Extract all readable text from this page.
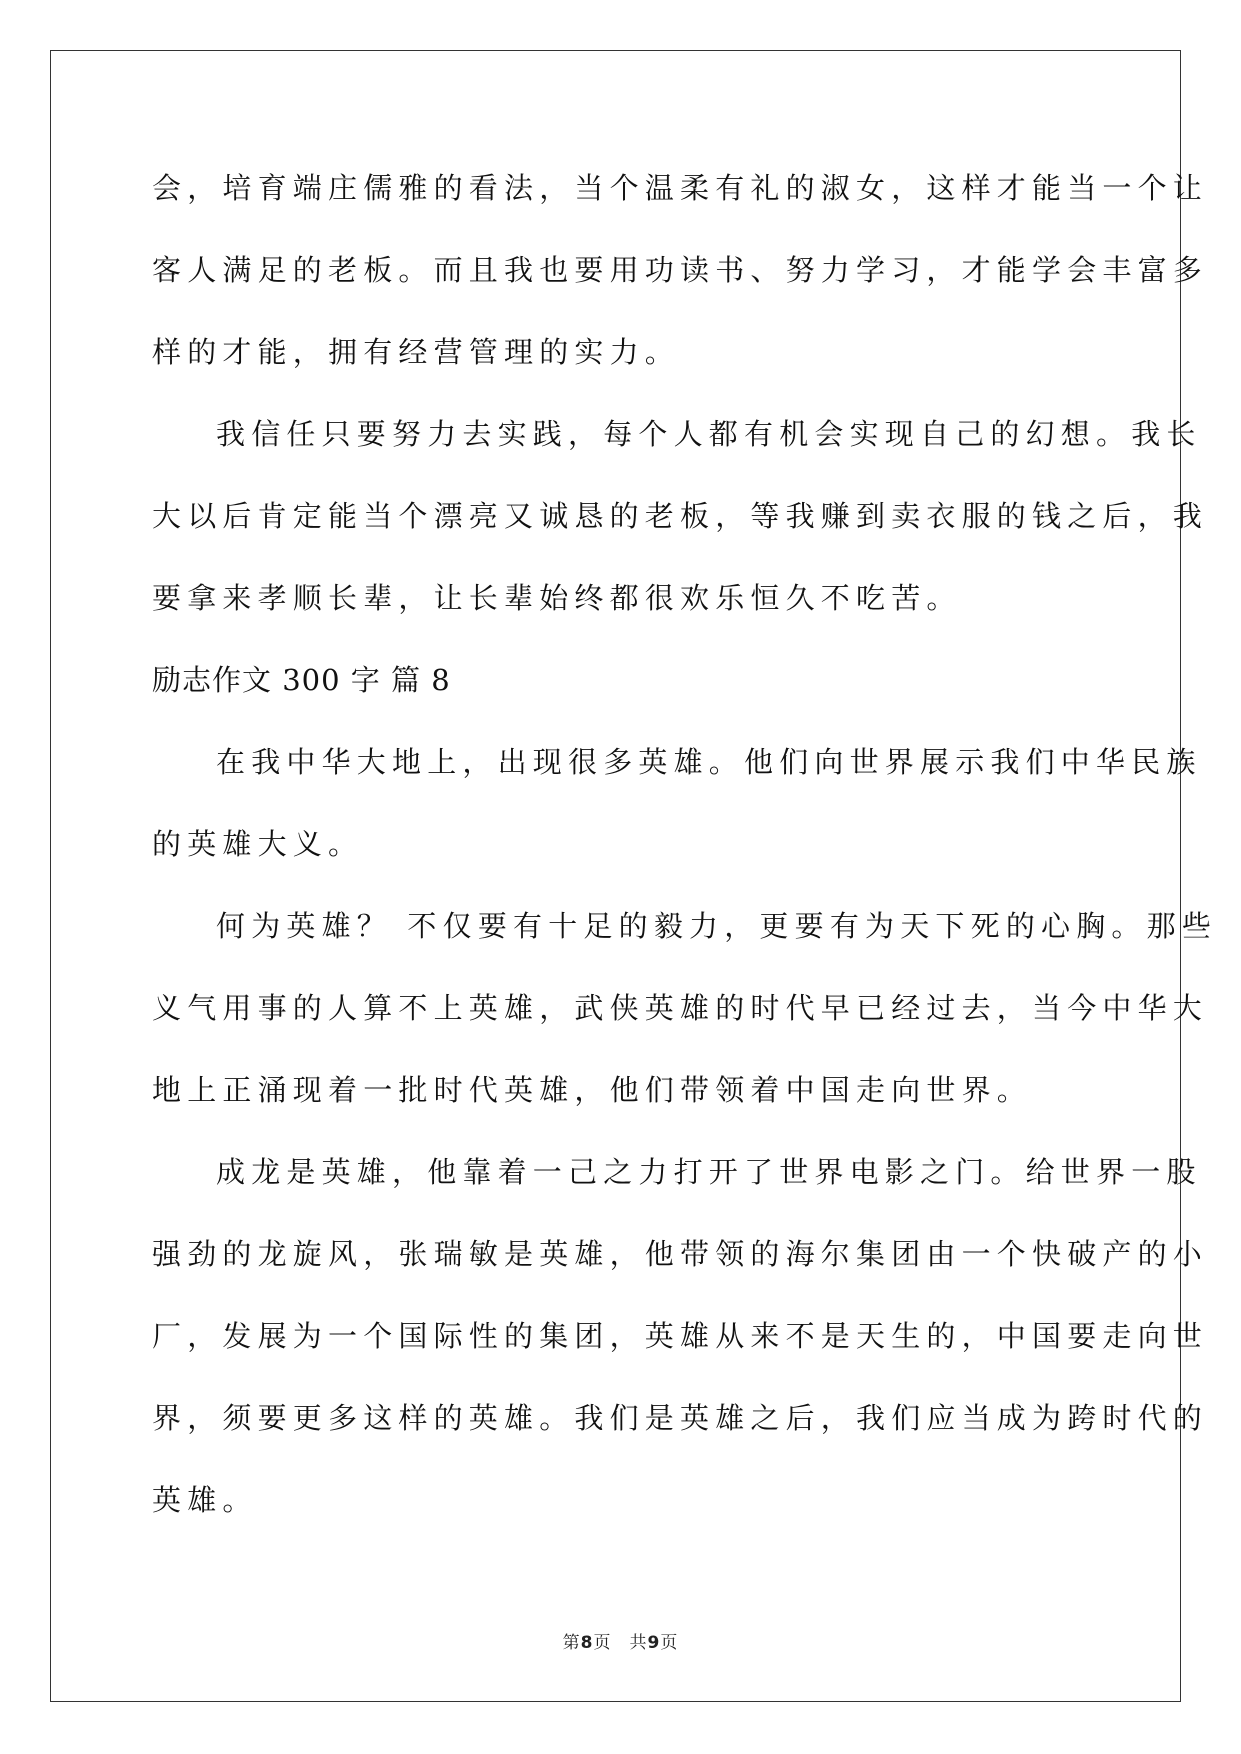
会，培育端庄儒雅的看法，当个温柔有礼的淑女，这样才能当一个让
客人满足的老板。而且我也要用功读书、努力学习，才能学会丰富多
样的才能，拥有经营管理的实力。
我信任只要努力去实践，每个人都有机会实现自己的幻想。我长
大以后肯定能当个漂亮又诚恳的老板，等我赚到卖衣服的钱之后，我
要拿来孝顺长辈，让长辈始终都很欢乐恒久不吃苦。
励志作文 300 字 篇 8
在我中华大地上，出现很多英雄。他们向世界展示我们中华民族
的英雄大义。
何为英雄？ 不仅要有十足的毅力，更要有为天下死的心胸。那些
义气用事的人算不上英雄，武侠英雄的时代早已经过去，当今中华大
地上正涌现着一批时代英雄，他们带领着中国走向世界。
成龙是英雄，他靠着一己之力打开了世界电影之门。给世界一股
强劲的龙旋风，张瑞敏是英雄，他带领的海尔集团由一个快破产的小
厂，发展为一个国际性的集团，英雄从来不是天生的，中国要走向世
界，须要更多这样的英雄。我们是英雄之后，我们应当成为跨时代的
英雄。
第8页 共9页
